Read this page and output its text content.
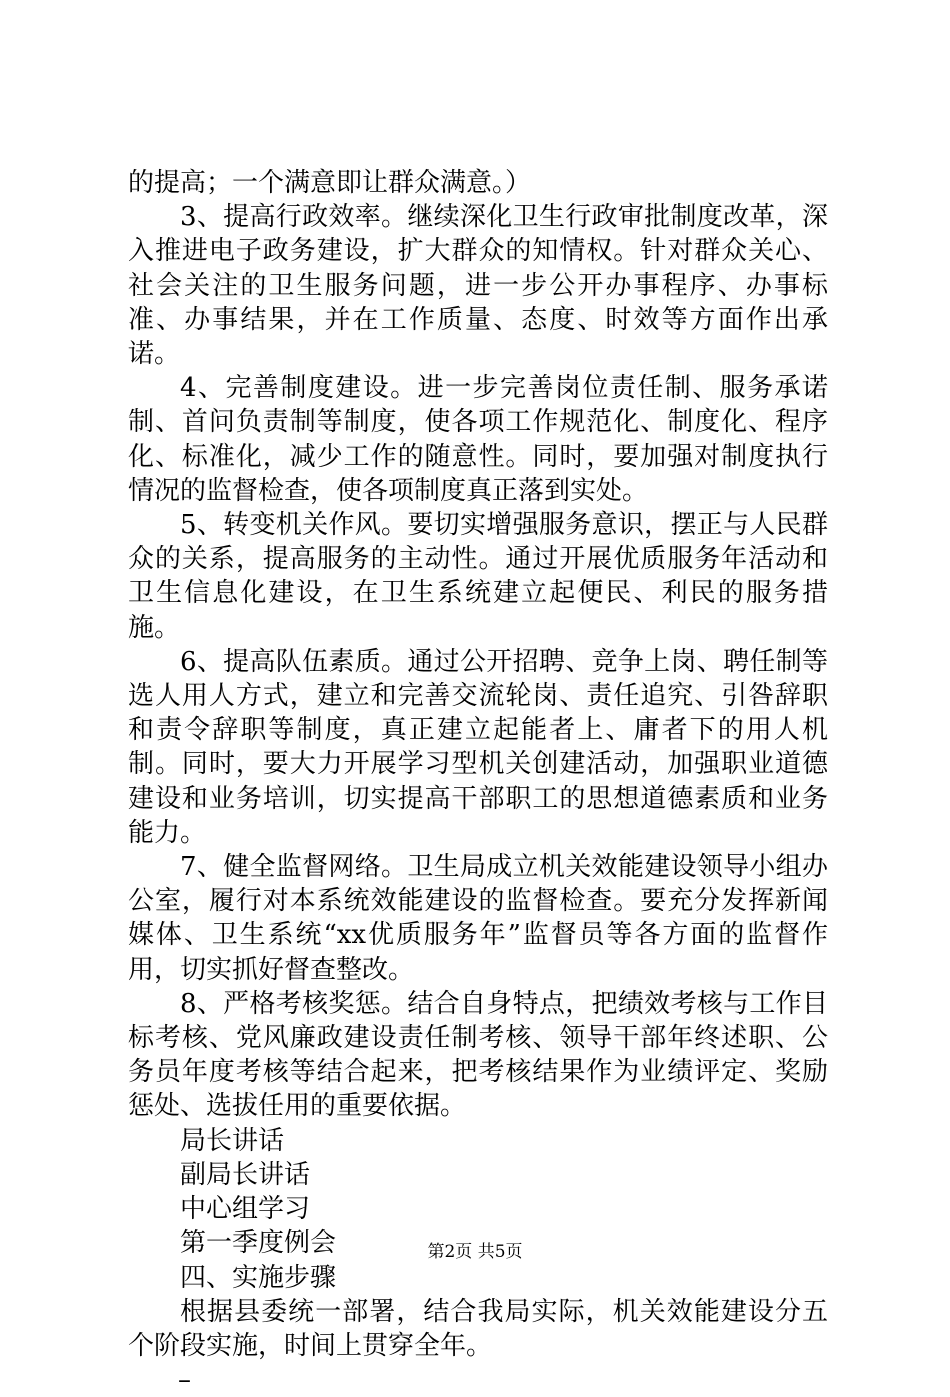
的提高；一个满意即让群众满意。）

3、提高行政效率。继续深化卫生行政审批制度改革，深入推进电子政务建设，扩大群众的知情权。针对群众关心、社会关注的卫生服务问题，进一步公开办事程序、办事标准、办事结果，并在工作质量、态度、时效等方面作出承诺。

4、完善制度建设。进一步完善岗位责任制、服务承诺制、首问负责制等制度，使各项工作规范化、制度化、程序化、标准化，减少工作的随意性。同时，要加强对制度执行情况的监督检查，使各项制度真正落到实处。

5、转变机关作风。要切实增强服务意识，摆正与人民群众的关系，提高服务的主动性。通过开展优质服务年活动和卫生信息化建设，在卫生系统建立起便民、利民的服务措施。

6、提高队伍素质。通过公开招聘、竞争上岗、聘任制等选人用人方式，建立和完善交流轮岗、责任追究、引咎辞职和责令辞职等制度，真正建立起能者上、庸者下的用人机制。同时，要大力开展学习型机关创建活动，加强职业道德建设和业务培训，切实提高干部职工的思想道德素质和业务能力。

7、健全监督网络。卫生局成立机关效能建设领导小组办公室，履行对本系统效能建设的监督检查。要充分发挥新闻媒体、卫生系统“xx优质服务年”监督员等各方面的监督作用，切实抓好督查整改。

8、严格考核奖惩。结合自身特点，把绩效考核与工作目标考核、党风廉政建设责任制考核、领导干部年终述职、公务员年度考核等结合起来，把考核结果作为业绩评定、奖励惩处、选拔任用的重要依据。

局长讲话

副局长讲话

中心组学习

第一季度例会

四、实施步骤

根据县委统一部署，结合我局实际，机关效能建设分五个阶段实施，时间上贯穿全年。

–

第2页 共5页
